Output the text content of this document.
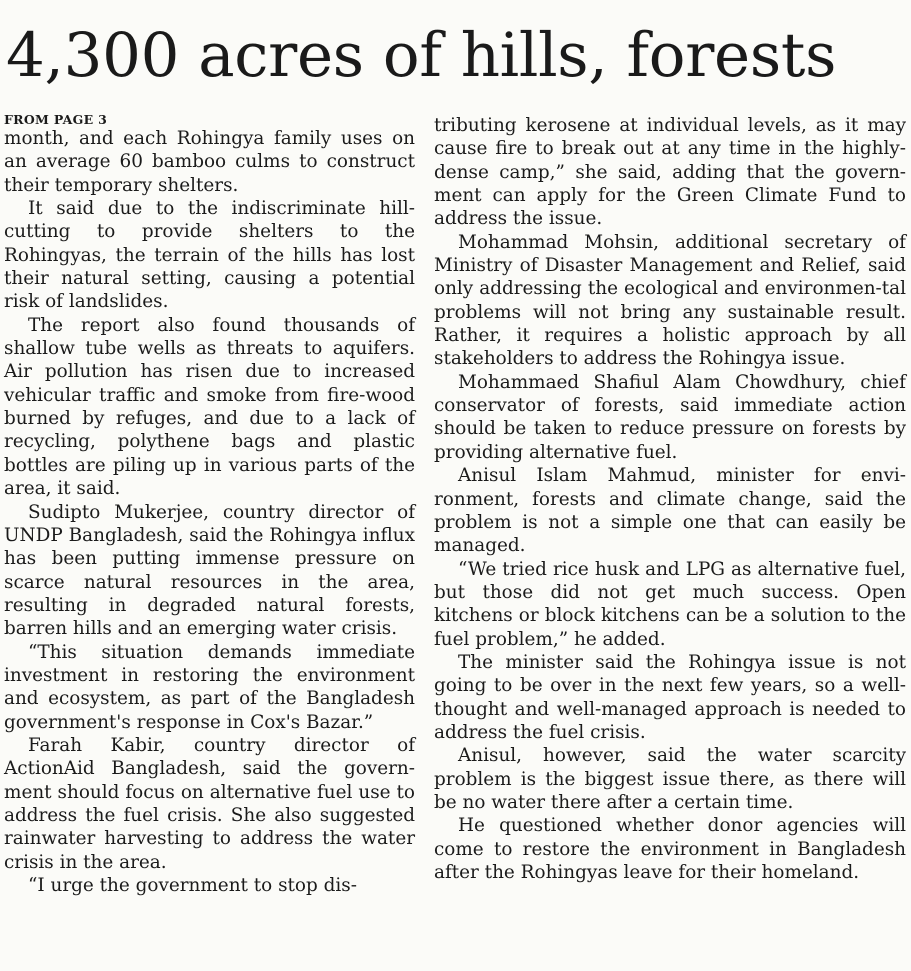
4,300 acres of hills, forests
FROM PAGE 3

month, and each Rohingya family uses on an average 60 bamboo culms to construct their temporary shelters.

It said due to the indiscriminate hill-cutting to provide shelters to the Rohingyas, the terrain of the hills has lost their natural setting, causing a potential risk of landslides.

The report also found thousands of shallow tube wells as threats to aquifers. Air pollution has risen due to increased vehicular traffic and smoke from fire-wood burned by refuges, and due to a lack of recycling, polythene bags and plastic bottles are piling up in various parts of the area, it said.

Sudipto Mukerjee, country director of UNDP Bangladesh, said the Rohingya influx has been putting immense pressure on scarce natural resources in the area, resulting in degraded natural forests, barren hills and an emerging water crisis.

“This situation demands immediate investment in restoring the environment and ecosystem, as part of the Bangladesh government's response in Cox's Bazar.”

Farah Kabir, country director of ActionAid Bangladesh, said the govern-ment should focus on alternative fuel use to address the fuel crisis. She also suggested rainwater harvesting to address the water crisis in the area.

“I urge the government to stop dis-

tributing kerosene at individual levels, as it may cause fire to break out at any time in the highly-dense camp,” she said, adding that the govern-ment can apply for the Green Climate Fund to address the issue.

Mohammad Mohsin, additional secretary of Ministry of Disaster Management and Relief, said only addressing the ecological and environmen-tal problems will not bring any sustainable result. Rather, it requires a holistic approach by all stakeholders to address the Rohingya issue.

Mohammaed Shafiul Alam Chowdhury, chief conservator of forests, said immediate action should be taken to reduce pressure on forests by providing alternative fuel.

Anisul Islam Mahmud, minister for envi-ronment, forests and climate change, said the problem is not a simple one that can easily be managed.

“We tried rice husk and LPG as alternative fuel, but those did not get much success. Open kitchens or block kitchens can be a solution to the fuel problem,” he added.

The minister said the Rohingya issue is not going to be over in the next few years, so a well-thought and well-managed approach is needed to address the fuel crisis.

Anisul, however, said the water scarcity problem is the biggest issue there, as there will be no water there after a certain time.

He questioned whether donor agencies will come to restore the environment in Bangladesh after the Rohingyas leave for their homeland.
